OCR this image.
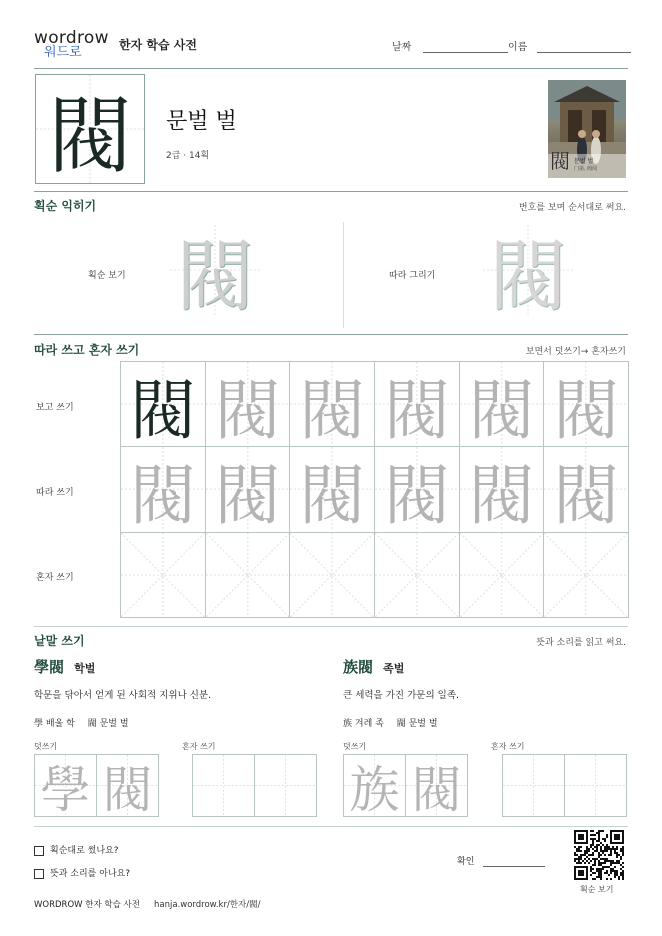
wordrow
워드로	한자 학습 사전	날짜	이름
閥	문벌 벌
2급 · 14획	閥 문벌 벌
门第, 阀阅
획순 익히기	번호를 보며 순서대로 써요.
획순 보기 閥	따라 그리기 閥
따라 쓰고 혼자 쓰기	보면서 덧쓰기→ 혼자쓰기
보고 쓰기
따라 쓰기
혼자 쓰기
閥 閥 閥 閥 閥 閥
閥 閥 閥 閥 閥 閥
낱말 쓰기	뜻과 소리를 읽고 써요.
學閥 학벌
학문을 닦아서 얻게 된 사회적 지위나 신분.
學 배울 학 閥 문벌 벌
덧쓰기	혼자 쓰기
學 閥
族閥 족벌
큰 세력을 가진 가문의 일족.
族 겨레 족 閥 문벌 벌
덧쓰기	혼자 쓰기
族 閥
획순대로 썼나요?
뜻과 소리를 아나요?
확인
획순 보기
WORDROW 한자 학습 사전 hanja.wordrow.kr/한자/閥/
